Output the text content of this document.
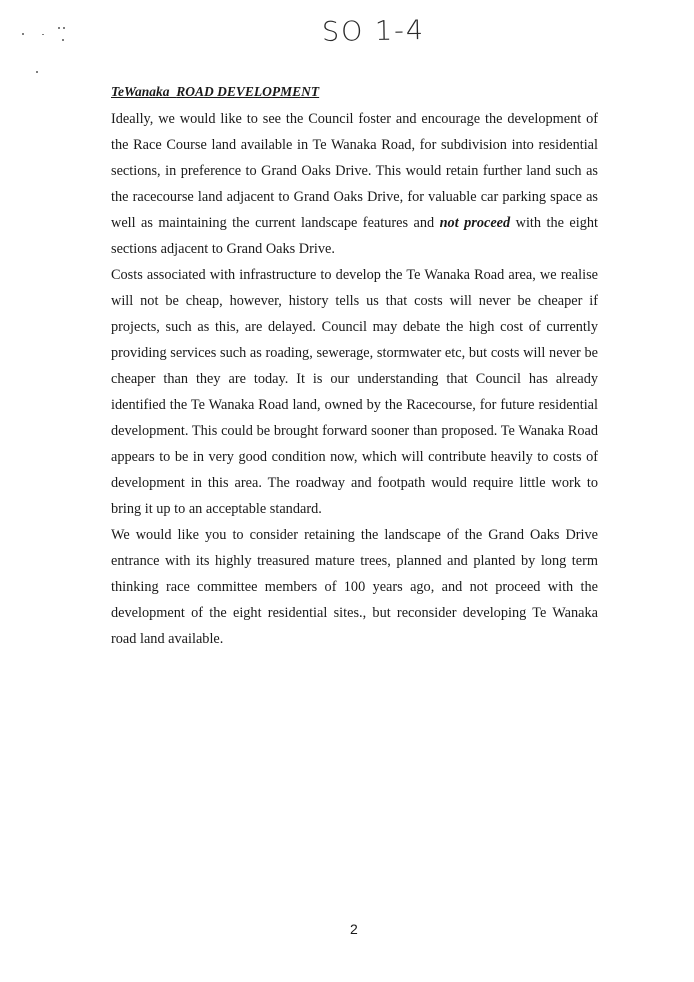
SO 1-4
TeWanaka ROAD DEVELOPMENT

Ideally, we would like to see the Council foster and encourage the development of the Race Course land available in Te Wanaka Road, for subdivision into residential sections, in preference to Grand Oaks Drive. This would retain further land such as the racecourse land adjacent to Grand Oaks Drive, for valuable car parking space as well as maintaining the current landscape features and not proceed with the eight sections adjacent to Grand Oaks Drive.

Costs associated with infrastructure to develop the Te Wanaka Road area, we realise will not be cheap, however, history tells us that costs will never be cheaper if projects, such as this, are delayed. Council may debate the high cost of currently providing services such as roading, sewerage, stormwater etc, but costs will never be cheaper than they are today. It is our understanding that Council has already identified the Te Wanaka Road land, owned by the Racecourse, for future residential development. This could be brought forward sooner than proposed. Te Wanaka Road appears to be in very good condition now, which will contribute heavily to costs of development in this area. The roadway and footpath would require little work to bring it up to an acceptable standard.

We would like you to consider retaining the landscape of the Grand Oaks Drive entrance with its highly treasured mature trees, planned and planted by long term thinking race committee members of 100 years ago, and not proceed with the development of the eight residential sites., but reconsider developing Te Wanaka road land available.

2
